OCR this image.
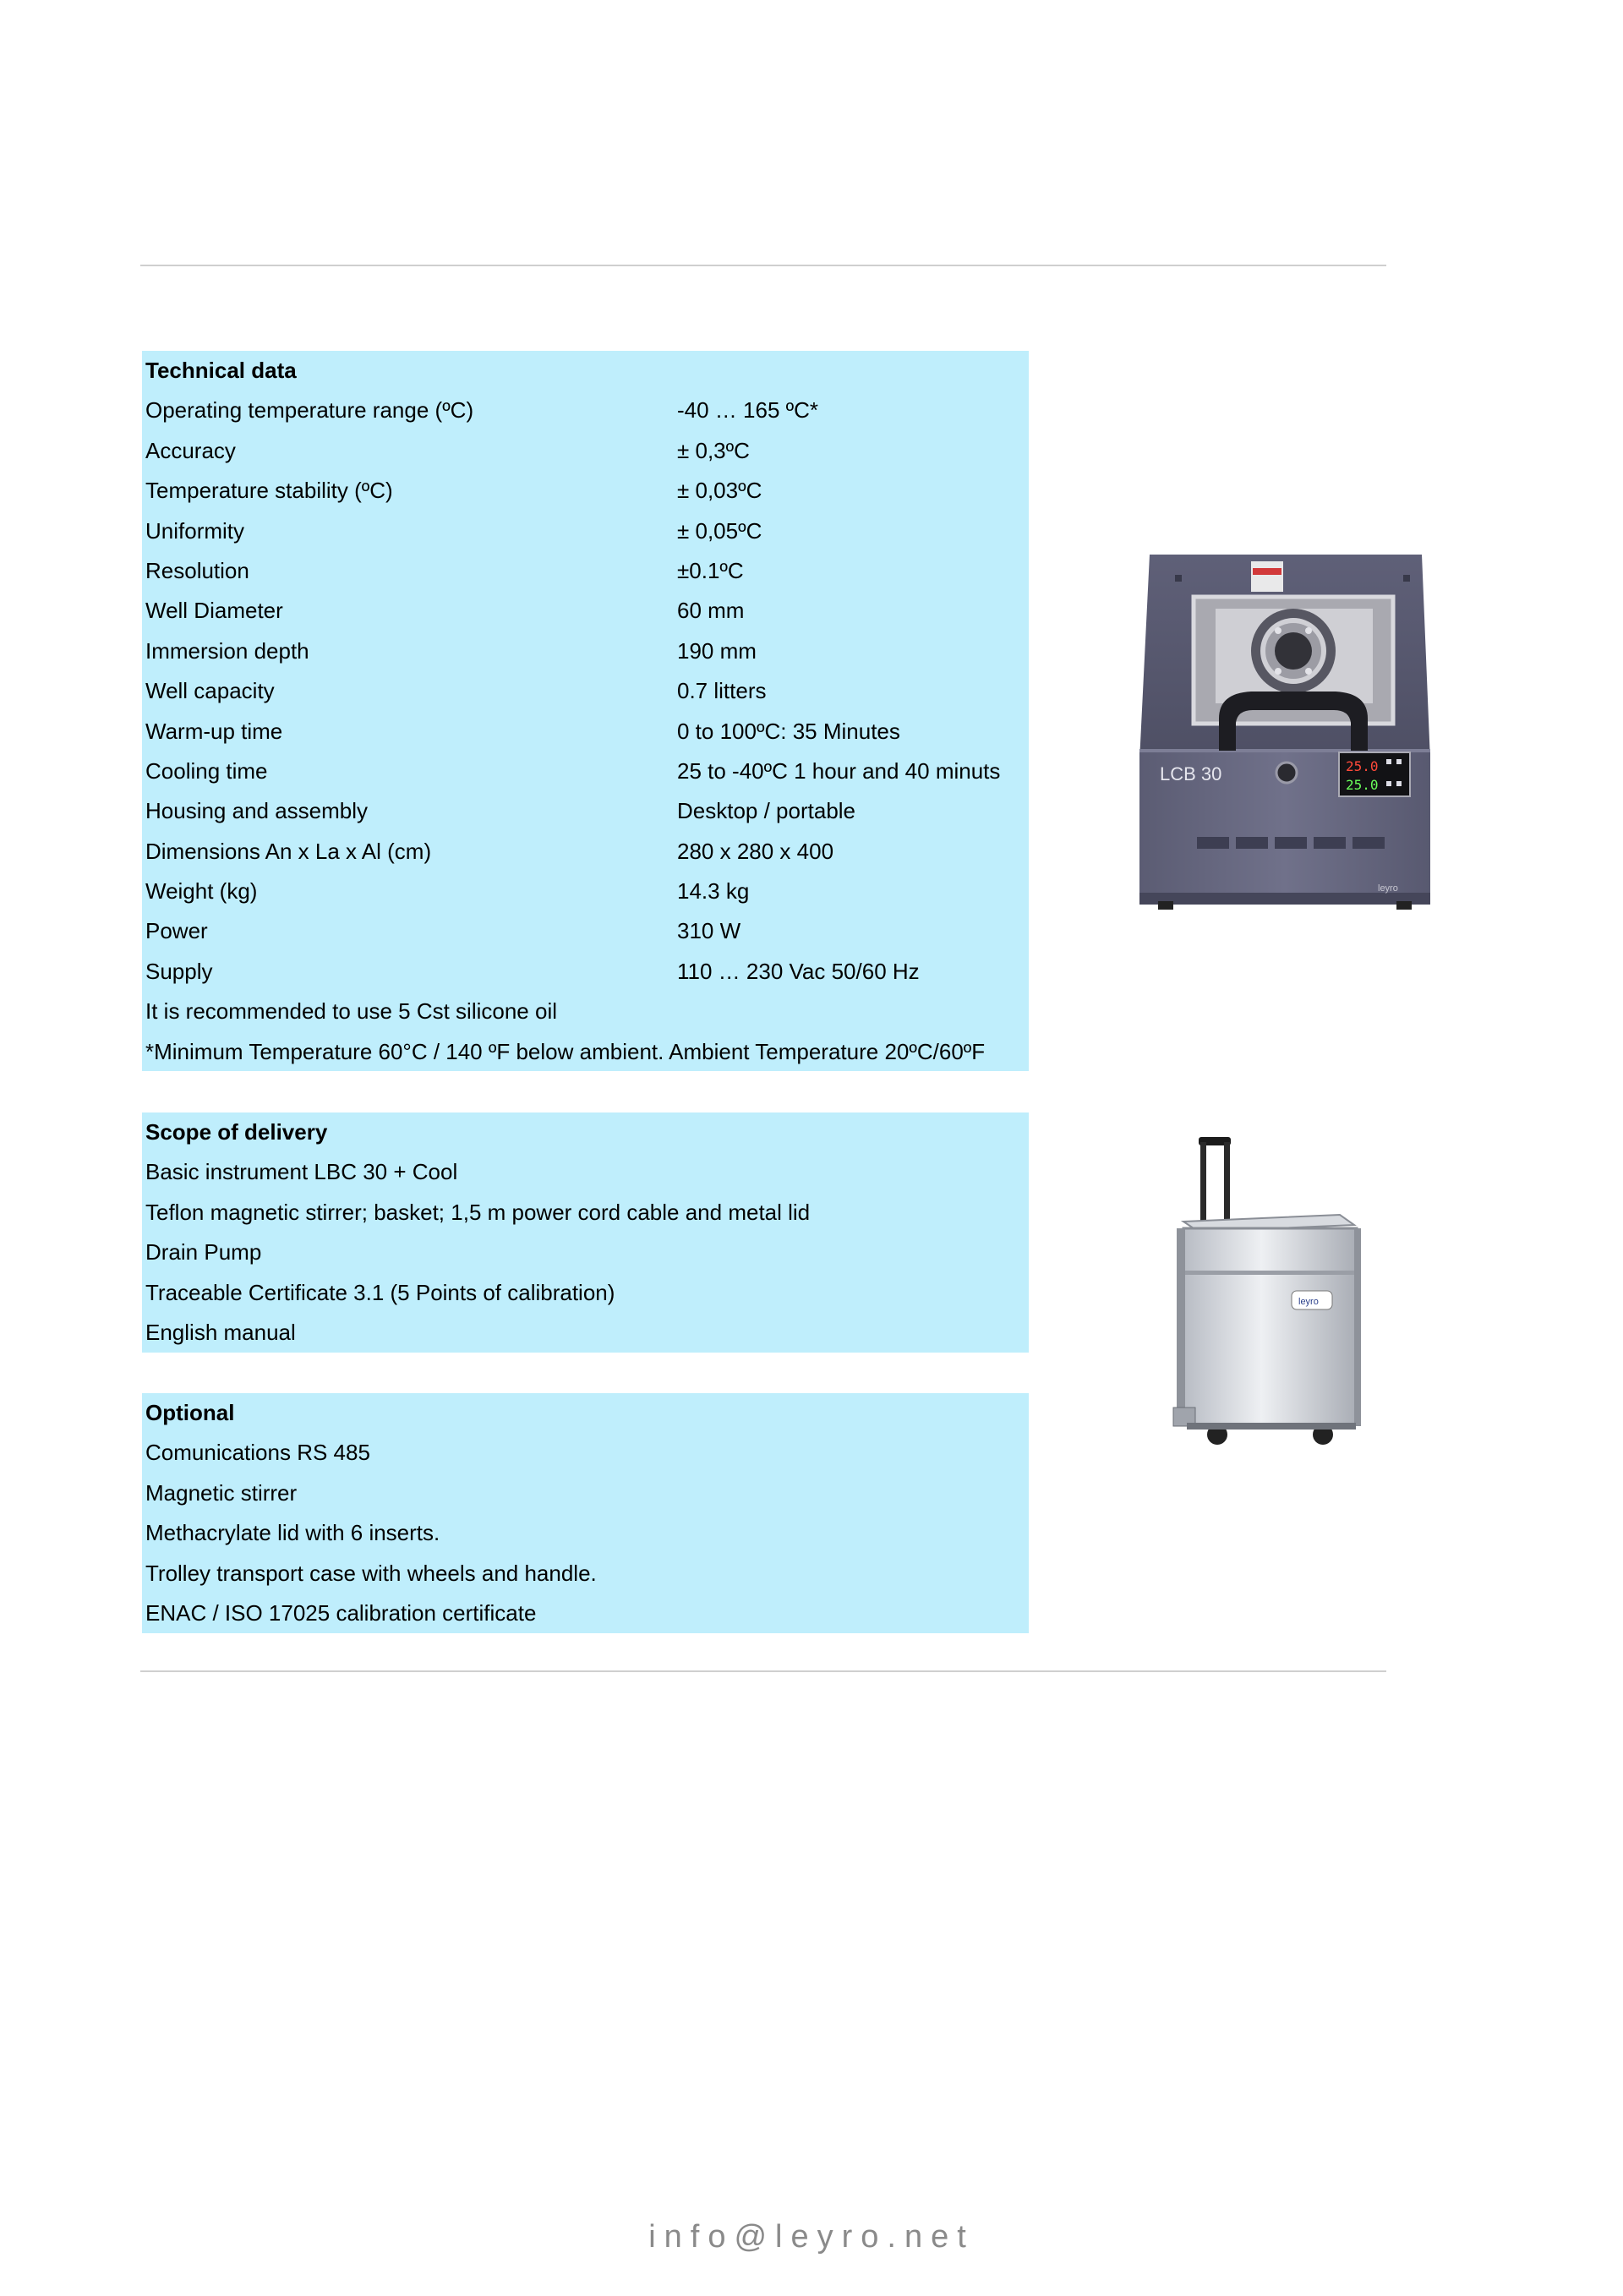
Technical data
Operating temperature range (ºC)	-40 … 165 ºC*
Accuracy	± 0,3ºC
Temperature stability (ºC)	± 0,03ºC
Uniformity	± 0,05ºC
Resolution	±0.1ºC
Well Diameter	60 mm
Immersion depth	190 mm
Well capacity	0.7 litters
Warm-up time	0 to 100ºC: 35 Minutes
Cooling time	25 to -40ºC 1 hour and 40 minuts
Housing and assembly	Desktop / portable
Dimensions An x La x Al (cm)	280 x 280 x 400
Weight (kg)	14.3 kg
Power	310 W
Supply	110 … 230 Vac 50/60 Hz
It is recommended to use 5 Cst silicone oil
*Minimum Temperature 60°C / 140 ºF below ambient. Ambient Temperature 20ºC/60ºF
Scope of delivery
Basic instrument LBC 30 + Cool
Teflon magnetic stirrer; basket; 1,5 m power cord cable and metal lid
Drain Pump
Traceable Certificate 3.1 (5 Points of calibration)
English manual
Optional
Comunications RS 485
Magnetic stirrer
Methacrylate lid with 6 inserts.
Trolley transport case with wheels and handle.
ENAC / ISO 17025 calibration certificate
LCB 30	25.0
25.0
leyro
leyro
info@leyro.net
